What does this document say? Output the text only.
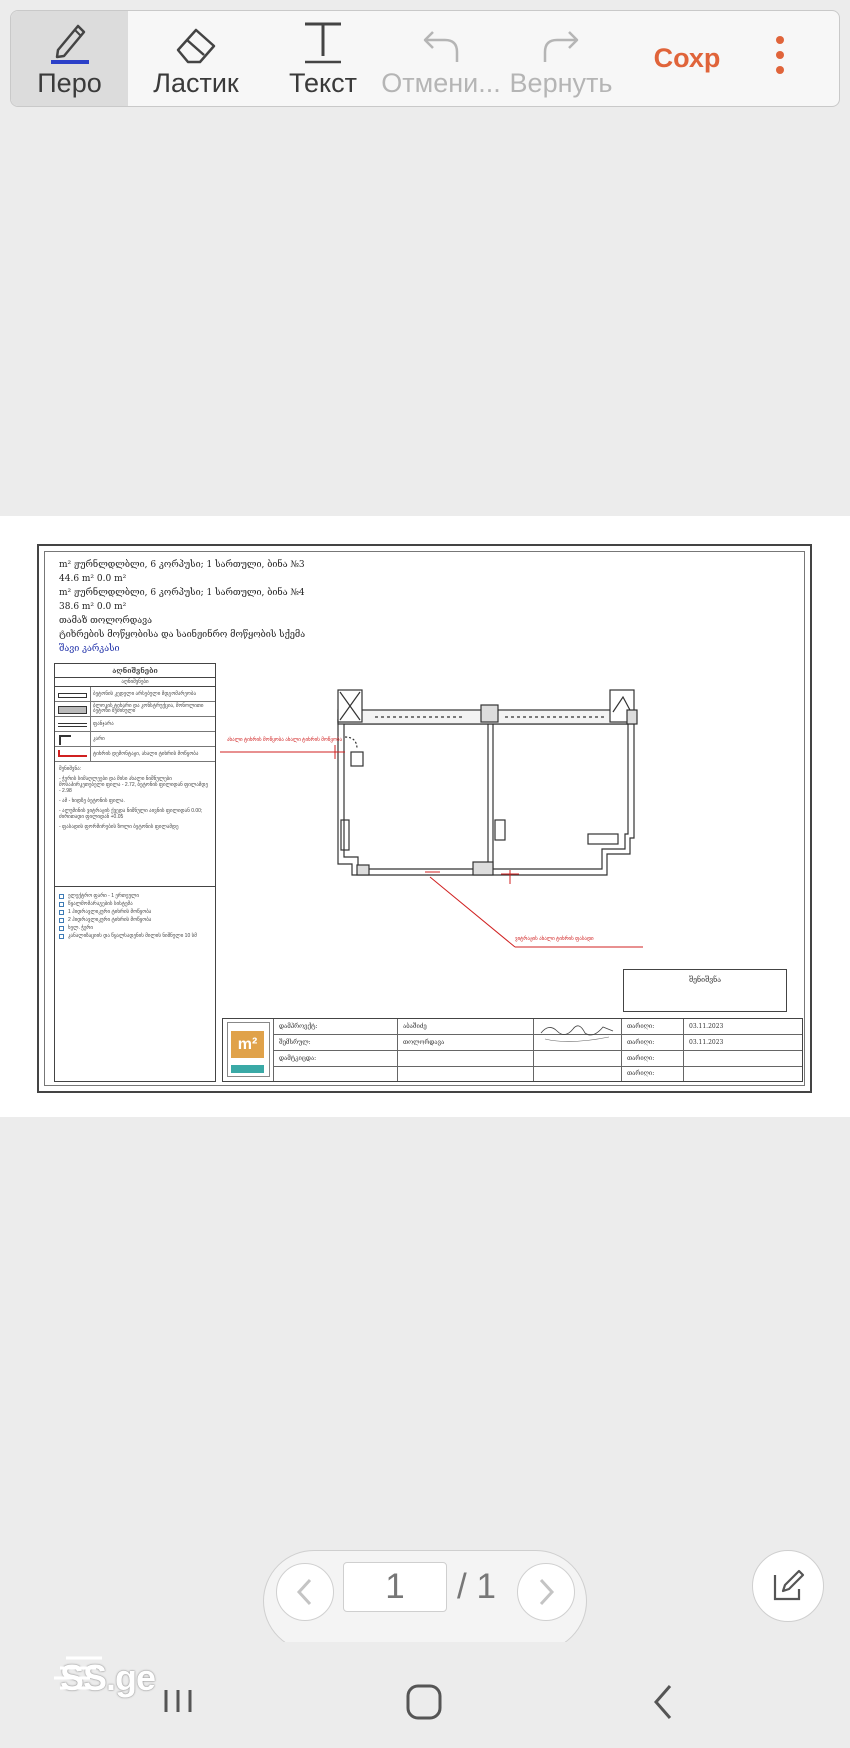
Перо Ластик Текст Отмени... Вернуть
Сохр
m² ჟურნლდლბლი, 6 კორპუსი; 1 სართული, ბინა №3
44.6 m² 0.0 m²
m² ჟურნლდლბლი, 6 კორპუსი; 1 სართული, ბინა №4
38.6 m² 0.0 m²
თამაზ თოლორდავა
ტიხრების მოწყობისა და საინჟინრო მოწყობის სქემა
შავი კარკასი
აღნიშვნები
აღნიშვნები
ბეტონის კედელი არსებული მდგომარეობა
ბლოკის ტიხარი და კონსტრუქცია, მონოლითი ბეტონი შემინული
ფანჯარა
კარი
ტიხრის დემონტაჟი, ახალი ტიხრის მოწყობა
შენიშვნა:
- ჭერის სიმაღლეები და მისი ახალი ნიშნულები მოსაპირკეთებელი ფილა - 2.72, ბეტონის ფილიდან ფილამდე - 2.98
- ამ - ხიდზე ბეტონის ფილა.
- ალუმინის ვიტრაჟის ქვედა ნიშნული აივნის ფილიდან 0.00; ძირითადი ფილიდან +0.05
- ფასადის ფორმირების ზოლი ბეტონის ფილამდე
ელექტრო ფარი - 1 ერთეული
წყალმომარაგების სისტემა
1 ჰიდრავლიკური ტიხრის მოწყობა
2 ჰიდრავლიკური ტიხრის მოწყობა
ხელ. ჭერი
კანალიზაციის და წყალსადენის მილის ნიშნული 10 სმ
ახალი ტიხრის მოწყობა ახალი ტიხრის მოწყობა
ვიტრაჟის ახალი ტიხრის ფასადი
შენიშვნა
m²
დამპროექტ:
შემსრულ:
დამტკიცდა:
აბაშიძე
თოლორდავა
თარიღი:
თარიღი:
თარიღი:
თარიღი:
03.11.2023
03.11.2023
1	/ 1
SS.ge
